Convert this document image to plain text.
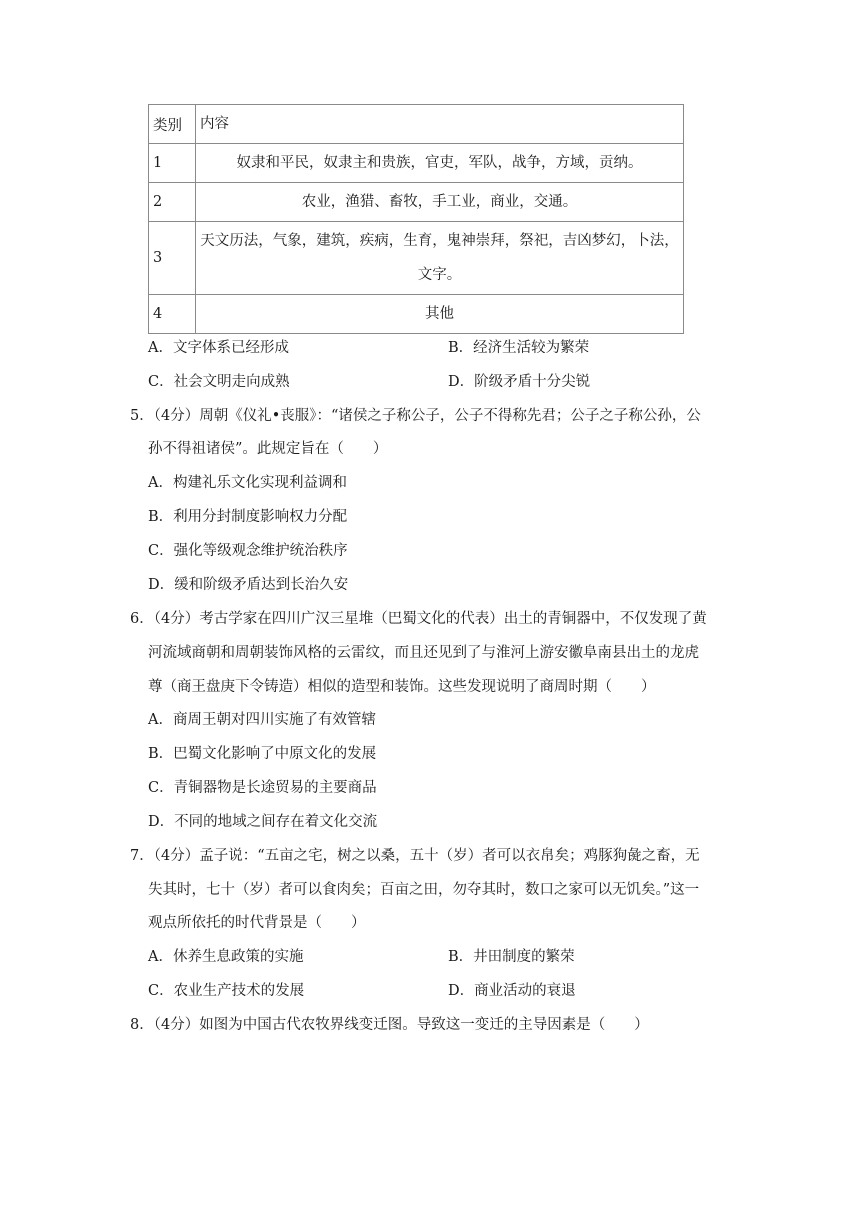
类别	内容
1	奴隶和平民，奴隶主和贵族，官吏，军队，战争，方域，贡纳。
2	农业，渔猎、畜牧，手工业，商业，交通。
3	天文历法，气象，建筑，疾病，生育，鬼神崇拜，祭祀，吉凶梦幻，卜法，
文字。

4	其他
A．文字体系已经形成	B．经济生活较为繁荣
C．社会文明走向成熟	D．阶级矛盾十分尖锐
5．（4分）周朝《仪礼•丧服》：“诸侯之子称公子，公子不得称先君；公子之子称公孙，公
孙不得祖诸侯”。此规定旨在（　　）
A．构建礼乐文化实现利益调和
B．利用分封制度影响权力分配
C．强化等级观念维护统治秩序
D．缓和阶级矛盾达到长治久安
6．（4分）考古学家在四川广汉三星堆（巴蜀文化的代表）出土的青铜器中，不仅发现了黄
河流域商朝和周朝装饰风格的云雷纹，而且还见到了与淮河上游安徽阜南县出土的龙虎
尊（商王盘庚下令铸造）相似的造型和装饰。这些发现说明了商周时期（　　）
A．商周王朝对四川实施了有效管辖
B．巴蜀文化影响了中原文化的发展
C．青铜器物是长途贸易的主要商品
D．不同的地域之间存在着文化交流
7．（4分）孟子说：“五亩之宅，树之以桑，五十（岁）者可以衣帛矣；鸡豚狗彘之畜，无
失其时，七十（岁）者可以食肉矣；百亩之田，勿夺其时，数口之家可以无饥矣。”这一
观点所依托的时代背景是（　　）
A．休养生息政策的实施	B．井田制度的繁荣
C．农业生产技术的发展	D．商业活动的衰退
8．（4分）如图为中国古代农牧界线变迁图。导致这一变迁的主导因素是（　　）
